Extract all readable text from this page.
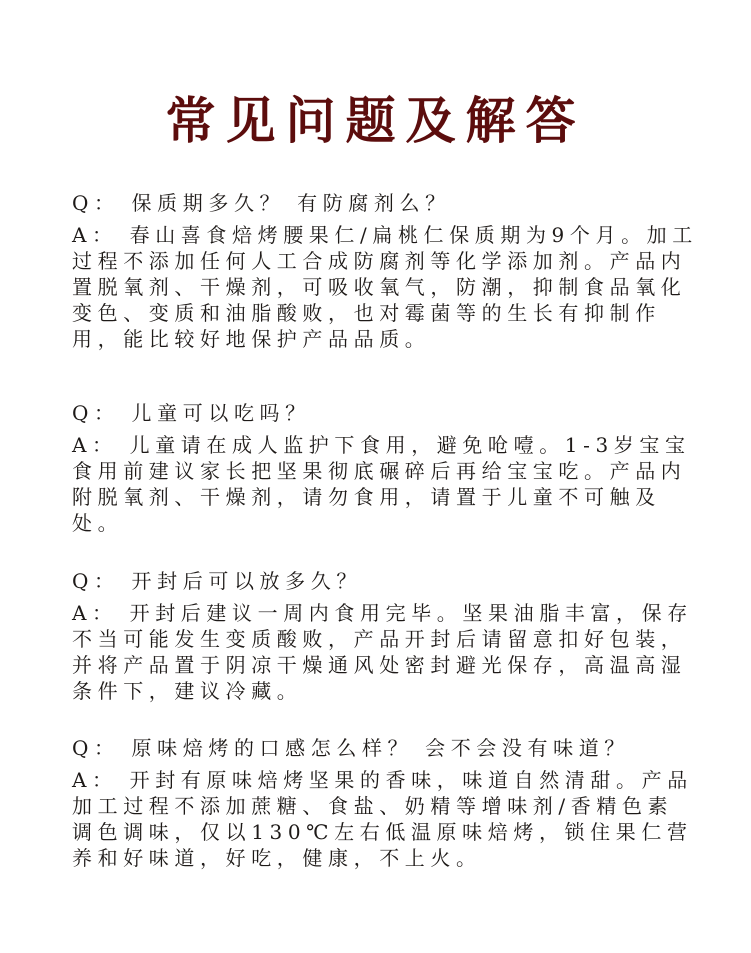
常见问题及解答
Q： 保质期多久？ 有防腐剂么？
A： 春山喜食焙烤腰果仁/扁桃仁保质期为9个月。加工过程不添加任何人工合成防腐剂等化学添加剂。产品内置脱氧剂、干燥剂，可吸收氧气，防潮，抑制食品氧化变色、变质和油脂酸败，也对霉菌等的生长有抑制作用，能比较好地保护产品品质。
Q： 儿童可以吃吗？
A： 儿童请在成人监护下食用，避免呛噎。1-3岁宝宝食用前建议家长把坚果彻底碾碎后再给宝宝吃。产品内附脱氧剂、干燥剂，请勿食用，请置于儿童不可触及处。
Q： 开封后可以放多久？
A： 开封后建议一周内食用完毕。坚果油脂丰富，保存不当可能发生变质酸败，产品开封后请留意扣好包装，并将产品置于阴凉干燥通风处密封避光保存，高温高湿条件下，建议冷藏。
Q： 原味焙烤的口感怎么样？ 会不会没有味道？
A： 开封有原味焙烤坚果的香味，味道自然清甜。产品加工过程不添加蔗糖、食盐、奶精等增味剂/香精色素调色调味，仅以130℃左右低温原味焙烤，锁住果仁营养和好味道，好吃，健康，不上火。
